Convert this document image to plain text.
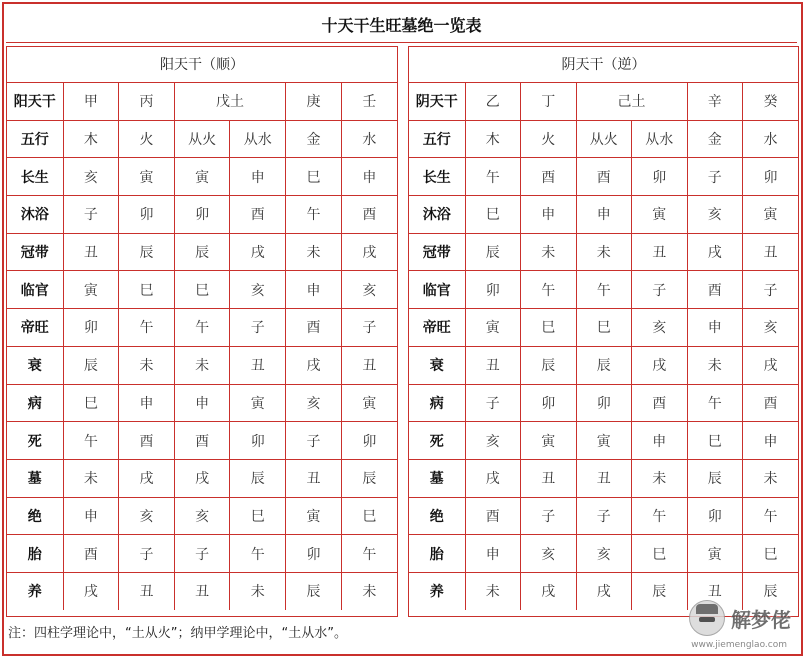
十天干生旺墓绝一览表
阳天干（顺）
阳天干	甲	丙	戊土		庚	壬
五行	木	火	从火	从水	金	水
长生	亥	寅	寅	申	巳	申
沐浴	子	卯	卯	酉	午	酉
冠带	丑	辰	辰	戌	未	戌
临官	寅	巳	巳	亥	申	亥
帝旺	卯	午	午	子	酉	子
衰	辰	未	未	丑	戌	丑
病	巳	申	申	寅	亥	寅
死	午	酉	酉	卯	子	卯
墓	未	戌	戌	辰	丑	辰
绝	申	亥	亥	巳	寅	巳
胎	酉	子	子	午	卯	午
养	戌	丑	丑	未	辰	未
阴天干（逆）
阴天干	乙	丁	己土		辛	癸
五行	木	火	从火	从水	金	水
长生	午	酉	酉	卯	子	卯
沐浴	巳	申	申	寅	亥	寅
冠带	辰	未	未	丑	戌	丑
临官	卯	午	午	子	酉	子
帝旺	寅	巳	巳	亥	申	亥
衰	丑	辰	辰	戌	未	戌
病	子	卯	卯	酉	午	酉
死	亥	寅	寅	申	巳	申
墓	戌	丑	丑	未	辰	未
绝	酉	子	子	午	卯	午
胎	申	亥	亥	巳	寅	巳
养	未	戌	戌	辰	丑	辰
注：四柱学理论中，“土从火”；纳甲学理论中，“土从水”。
解梦佬
www.jiemenglao.com
